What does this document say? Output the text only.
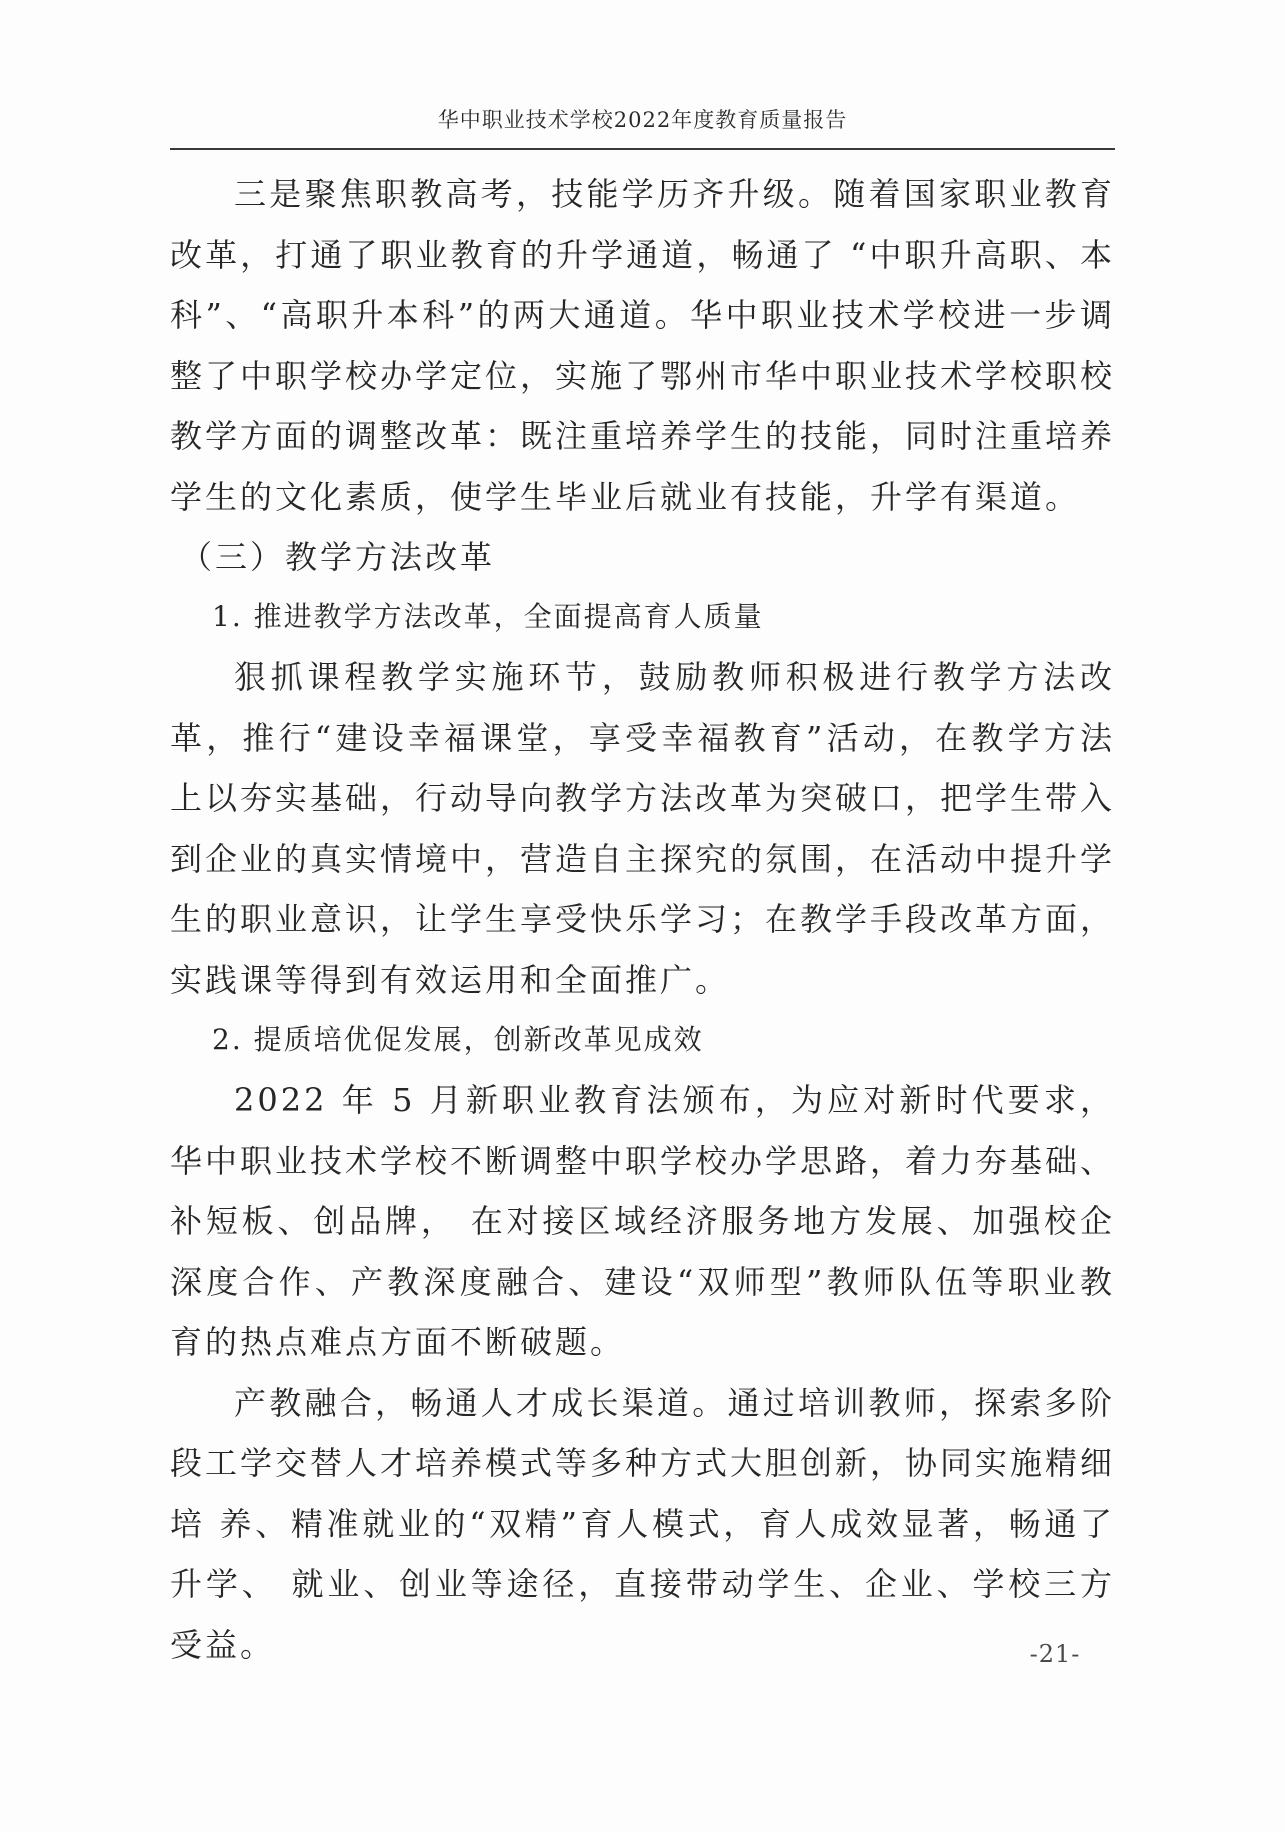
华中职业技术学校2022年度教育质量报告

三是聚焦职教高考，技能学历齐升级。随着国家职业教育改革，打通了职业教育的升学通道，畅通了 “中职升高职、本科”、“高职升本科”的两大通道。华中职业技术学校进一步调整了中职学校办学定位，实施了鄂州市华中职业技术学校职校教学方面的调整改革：既注重培养学生的技能，同时注重培养学生的文化素质，使学生毕业后就业有技能，升学有渠道。

（三）教学方法改革

1. 推进教学方法改革，全面提高育人质量

狠抓课程教学实施环节，鼓励教师积极进行教学方法改革，推行“建设幸福课堂，享受幸福教育”活动，在教学方法上以夯实基础，行动导向教学方法改革为突破口，把学生带入到企业的真实情境中，营造自主探究的氛围，在活动中提升学生的职业意识，让学生享受快乐学习；在教学手段改革方面，实践课等得到有效运用和全面推广。

2. 提质培优促发展，创新改革见成效

2022 年 5 月新职业教育法颁布，为应对新时代要求，华中职业技术学校不断调整中职学校办学思路，着力夯基础、补短板、创品牌， 在对接区域经济服务地方发展、加强校企深度合作、产教深度融合、建设“双师型”教师队伍等职业教育的热点难点方面不断破题。

产教融合，畅通人才成长渠道。通过培训教师，探索多阶段工学交替人才培养模式等多种方式大胆创新，协同实施精细培 养、精准就业的“双精”育人模式，育人成效显著，畅通了升学、 就业、创业等途径，直接带动学生、企业、学校三方受益。	-21-
